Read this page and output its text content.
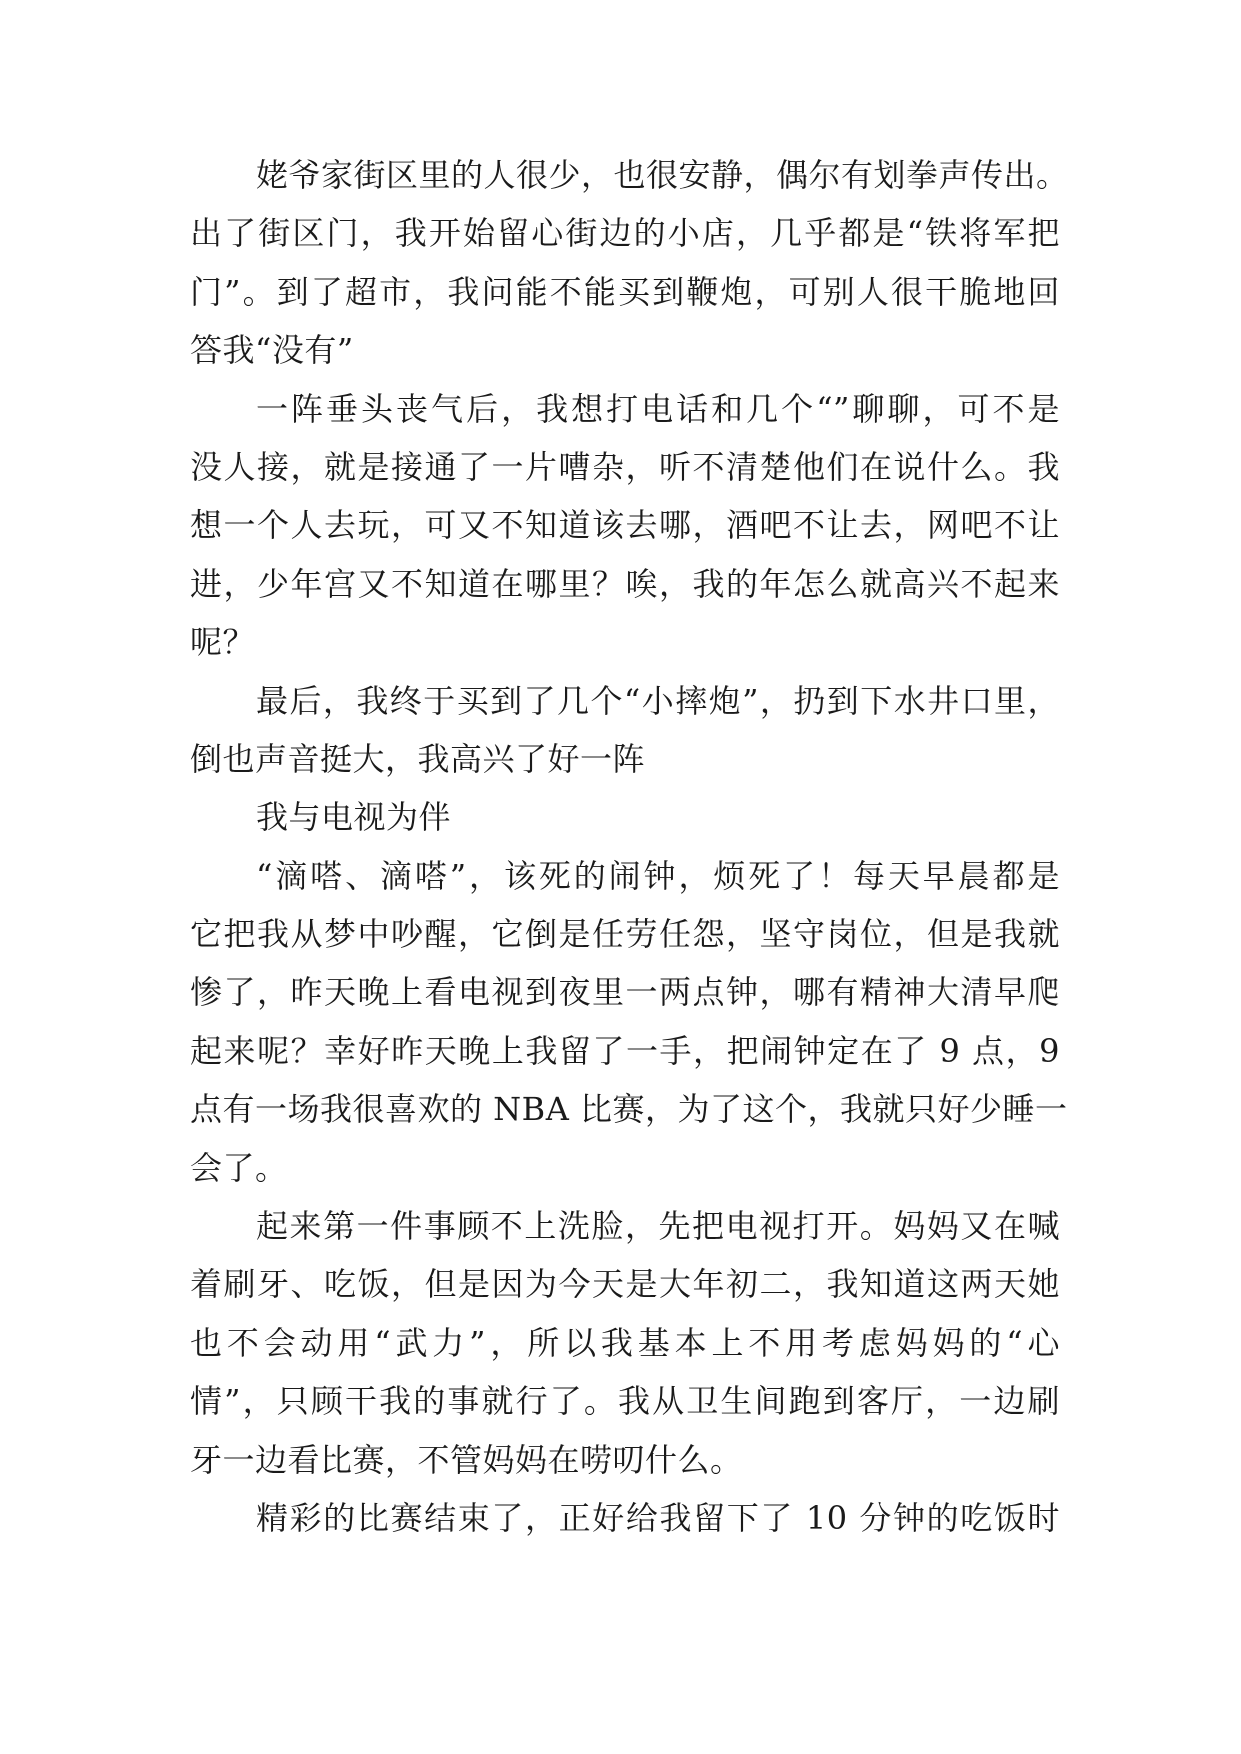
姥爷家街区里的人很少，也很安静，偶尔有划拳声传出。
出了街区门，我开始留心街边的小店，几乎都是“铁将军把
门”。到了超市，我问能不能买到鞭炮，可别人很干脆地回
答我“没有”
一阵垂头丧气后，我想打电话和几个“”聊聊，可不是
没人接，就是接通了一片嘈杂，听不清楚他们在说什么。我
想一个人去玩，可又不知道该去哪，酒吧不让去，网吧不让
进，少年宫又不知道在哪里？唉，我的年怎么就高兴不起来
呢？
最后，我终于买到了几个“小摔炮”，扔到下水井口里，
倒也声音挺大，我高兴了好一阵
我与电视为伴
“滴嗒、滴嗒”，该死的闹钟，烦死了！每天早晨都是
它把我从梦中吵醒，它倒是任劳任怨，坚守岗位，但是我就
惨了，昨天晚上看电视到夜里一两点钟，哪有精神大清早爬
起来呢？幸好昨天晚上我留了一手，把闹钟定在了 9 点，9
点有一场我很喜欢的 NBA 比赛，为了这个，我就只好少睡一
会了。
起来第一件事顾不上洗脸，先把电视打开。妈妈又在喊
着刷牙、吃饭，但是因为今天是大年初二，我知道这两天她
也不会动用“武力”，所以我基本上不用考虑妈妈的“心
情”，只顾干我的事就行了。我从卫生间跑到客厅，一边刷
牙一边看比赛，不管妈妈在唠叨什么。
精彩的比赛结束了，正好给我留下了 10 分钟的吃饭时
